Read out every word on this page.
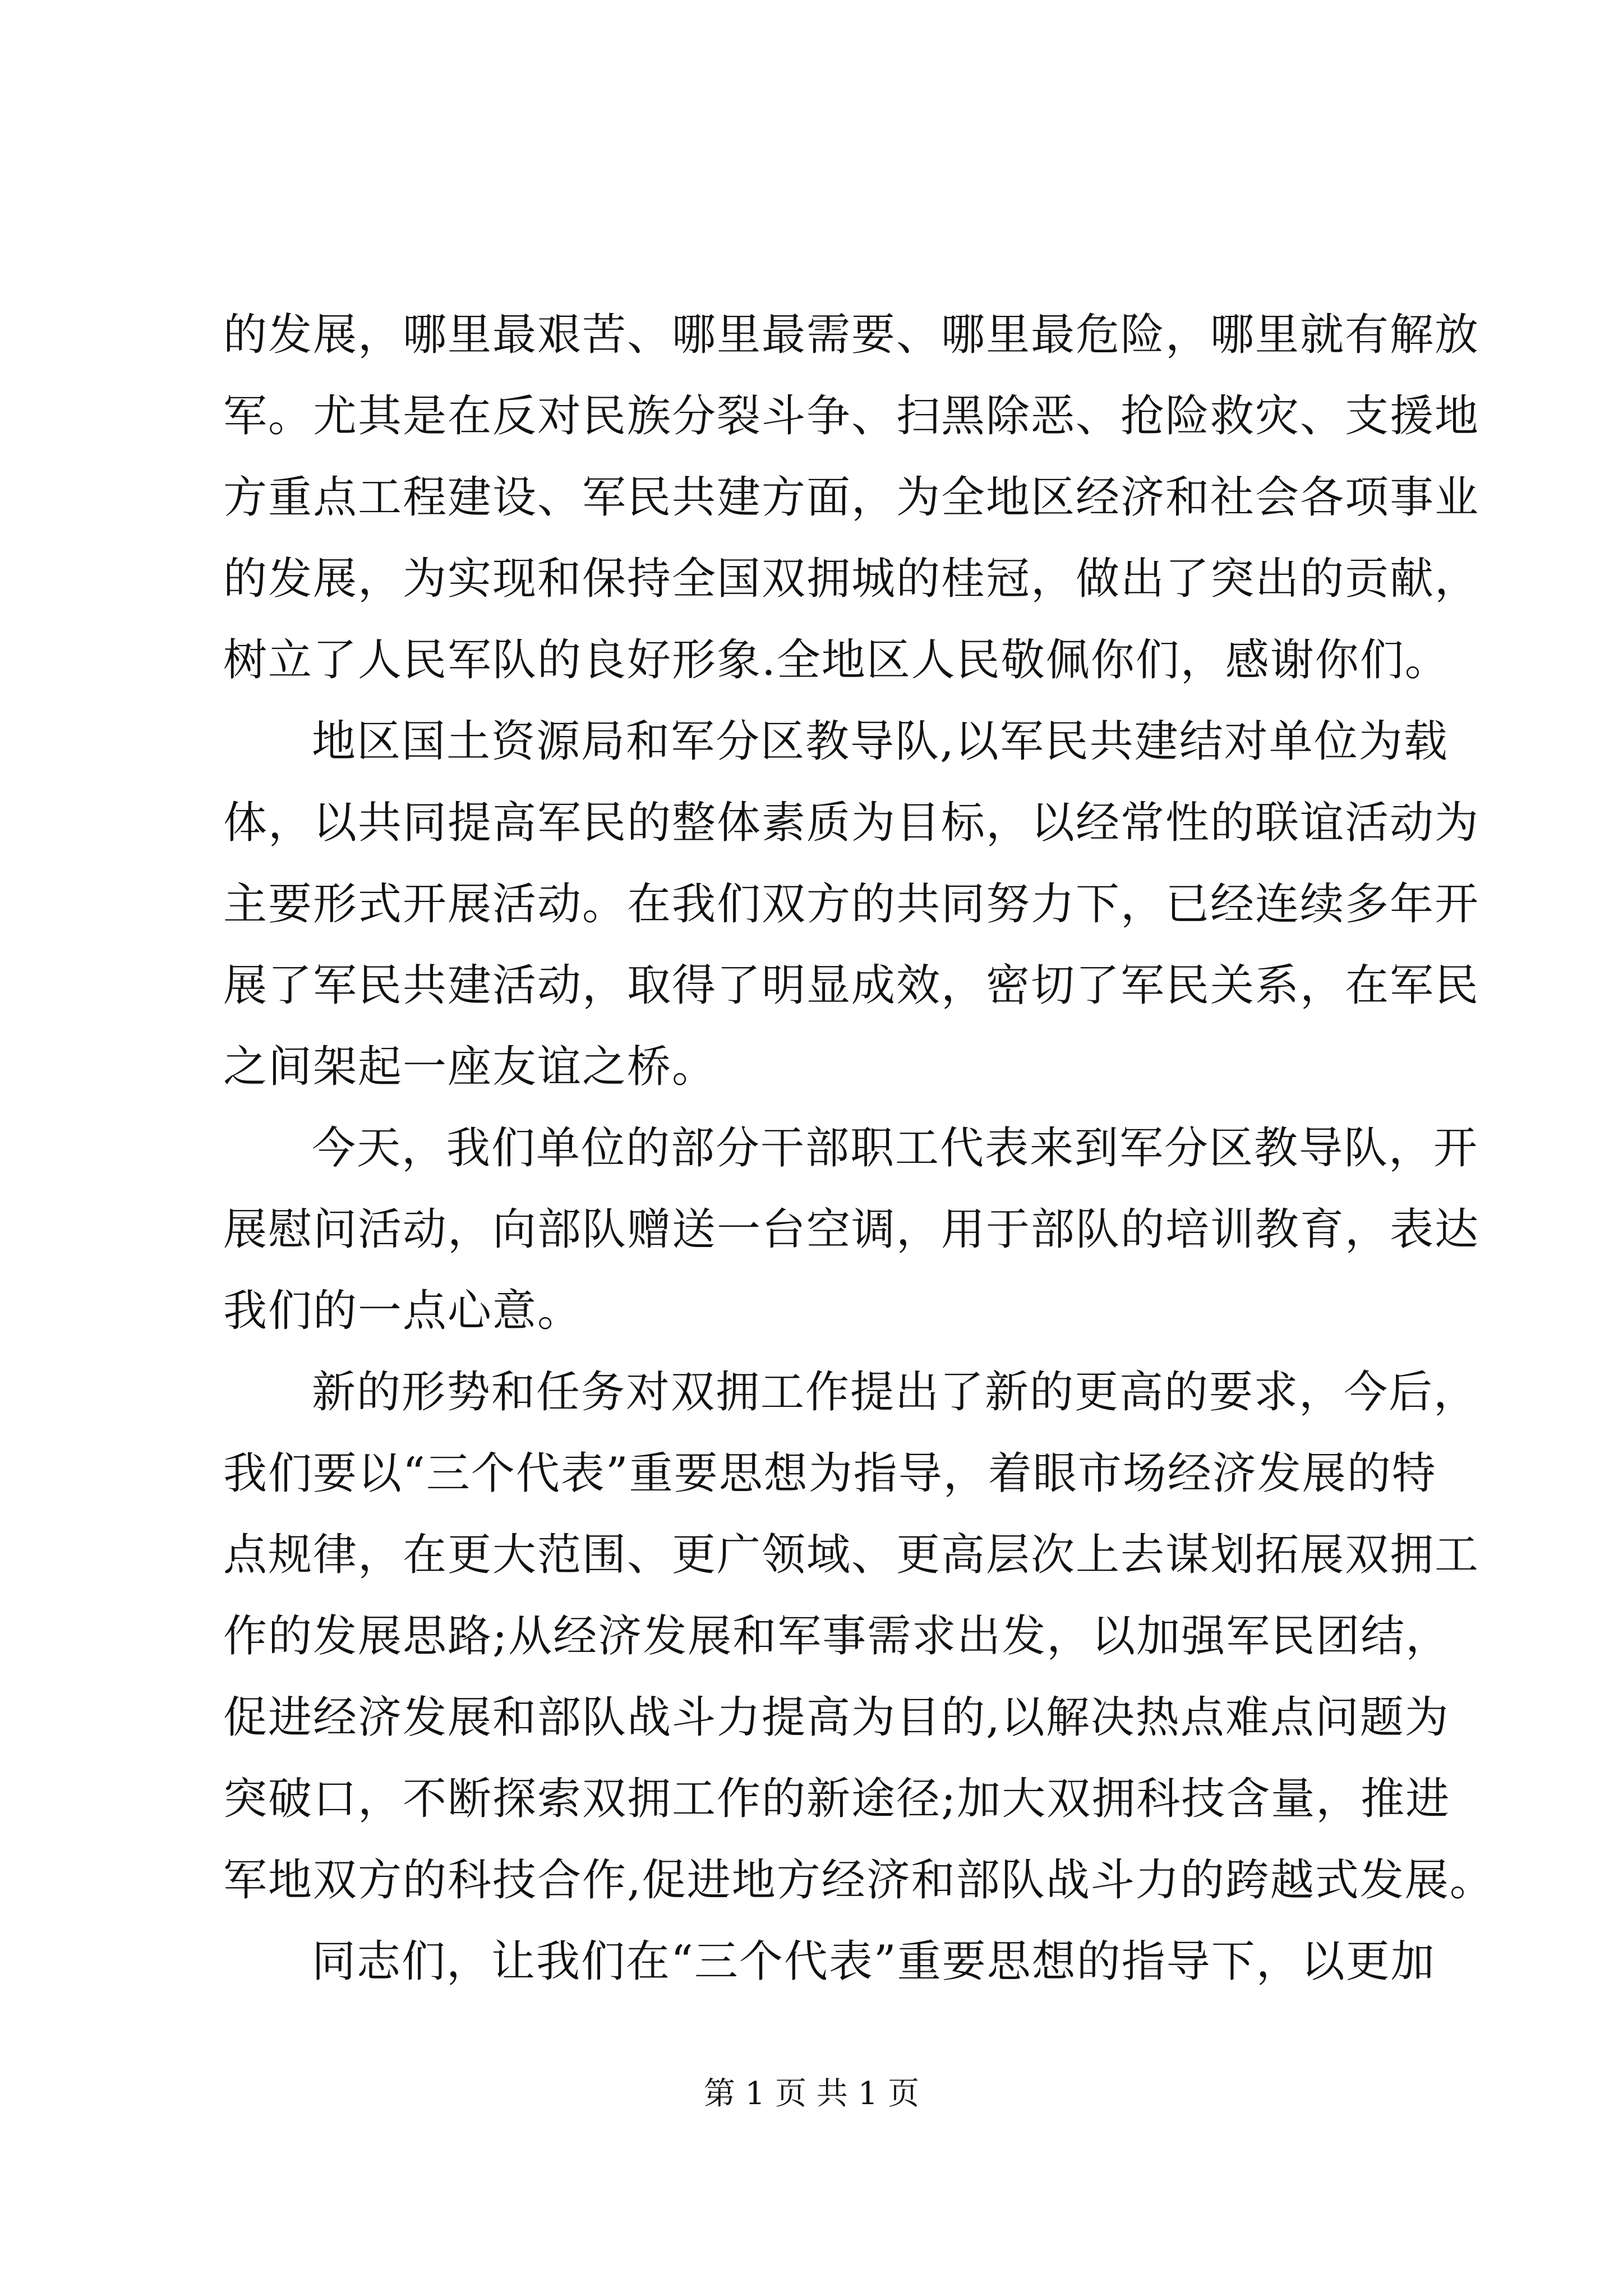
的发展，哪里最艰苦、哪里最需要、哪里最危险，哪里就有解放
军。尤其是在反对民族分裂斗争、扫黑除恶、抢险救灾、支援地
方重点工程建设、军民共建方面，为全地区经济和社会各项事业
的发展，为实现和保持全国双拥城的桂冠，做出了突出的贡献，
树立了人民军队的良好形象.全地区人民敬佩你们，感谢你们。
地区国土资源局和军分区教导队,以军民共建结对单位为载
体，以共同提高军民的整体素质为目标，以经常性的联谊活动为
主要形式开展活动。在我们双方的共同努力下，已经连续多年开
展了军民共建活动，取得了明显成效，密切了军民关系，在军民
之间架起一座友谊之桥。
今天，我们单位的部分干部职工代表来到军分区教导队，开
展慰问活动，向部队赠送一台空调，用于部队的培训教育，表达
我们的一点心意。
新的形势和任务对双拥工作提出了新的更高的要求，今后，
我们要以“三个代表”重要思想为指导，着眼市场经济发展的特
点规律，在更大范围、更广领域、更高层次上去谋划拓展双拥工
作的发展思路;从经济发展和军事需求出发，以加强军民团结，
促进经济发展和部队战斗力提高为目的,以解决热点难点问题为
突破口，不断探索双拥工作的新途径;加大双拥科技含量，推进
军地双方的科技合作,促进地方经济和部队战斗力的跨越式发展。
同志们，让我们在“三个代表”重要思想的指导下，以更加
第 1 页 共 1 页
